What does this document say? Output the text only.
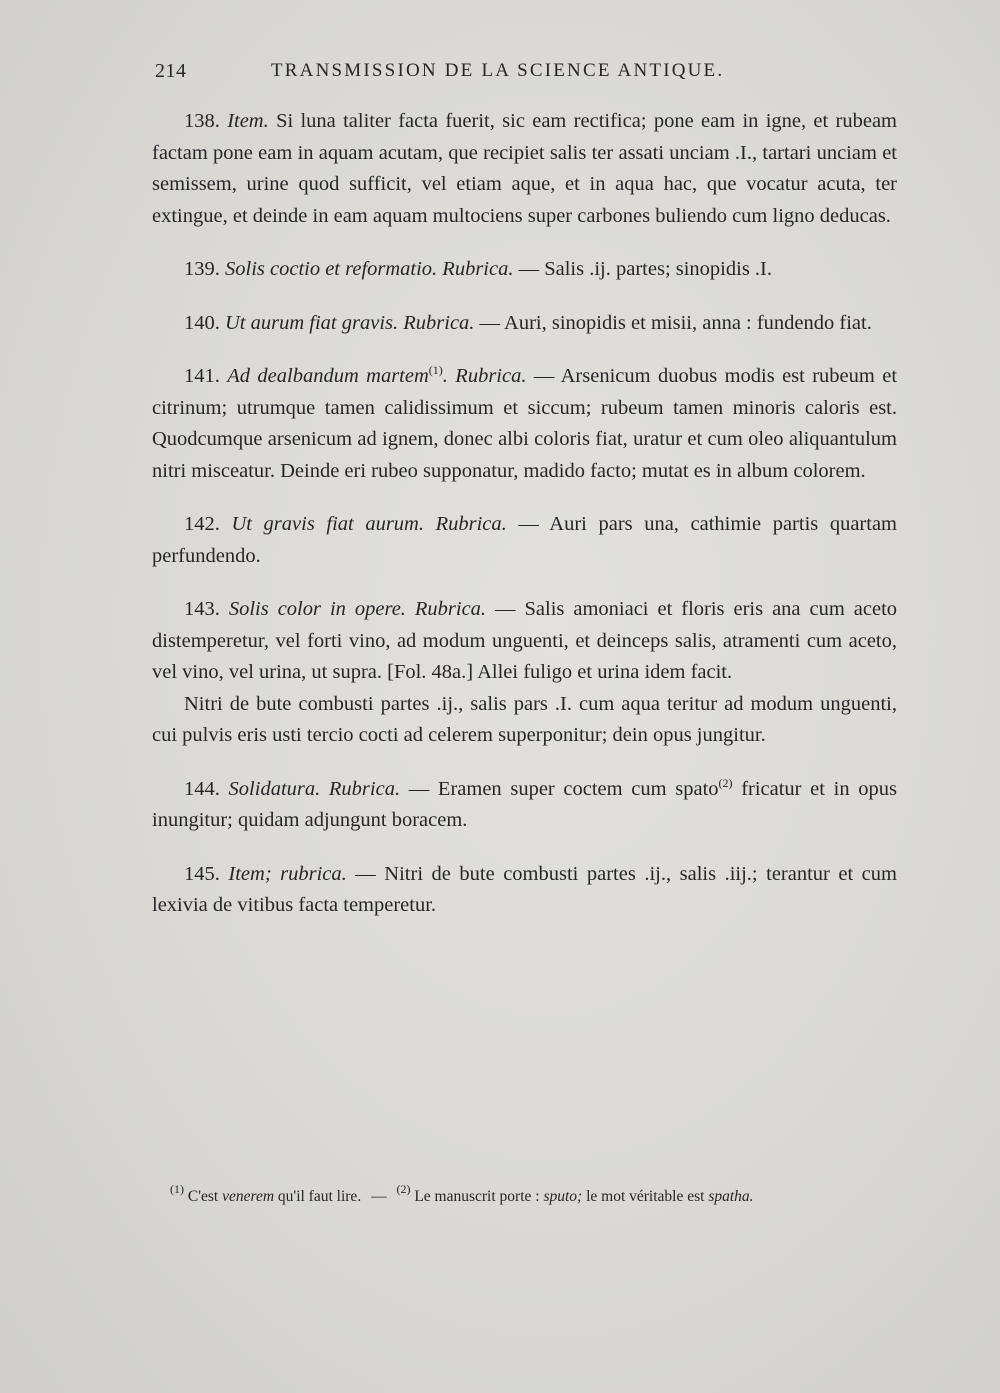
214	TRANSMISSION DE LA SCIENCE ANTIQUE.

138. Item. Si luna taliter facta fuerit, sic eam rectifica; pone eam in igne, et rubeam factam pone eam in aquam acutam, que recipiet salis ter assati unciam .I., tartari unciam et semissem, urine quod sufficit, vel etiam aque, et in aqua hac, que vocatur acuta, ter extingue, et deinde in eam aquam multociens super carbones buliendo cum ligno deducas.

139. Solis coctio et reformatio. Rubrica. — Salis .ij. partes; sinopidis .I.

140. Ut aurum fiat gravis. Rubrica. — Auri, sinopidis et misii, anna : fundendo fiat.

141. Ad dealbandum martem$^{(1)}$. Rubrica. — Arsenicum duobus modis est rubeum et citrinum; utrumque tamen calidissimum et siccum; rubeum tamen minoris caloris est. Quodcumque arsenicum ad ignem, donec albi coloris fiat, uratur et cum oleo aliquantulum nitri misceatur. Deinde eri rubeo supponatur, madido facto; mutat es in album colorem.

142. Ut gravis fiat aurum. Rubrica. — Auri pars una, cathimie partis quartam perfundendo.

143. Solis color in opere. Rubrica. — Salis amoniaci et floris eris ana cum aceto distemperetur, vel forti vino, ad modum unguenti, et deinceps salis, atramenti cum aceto, vel vino, vel urina, ut supra. [Fol. 48a.] Allei fuligo et urina idem facit.

Nitri de bute combusti partes .ij., salis pars .I. cum aqua teritur ad modum unguenti, cui pulvis eris usti tercio cocti ad celerem superponitur; dein opus jungitur.

144. Solidatura. Rubrica. — Eramen super coctem cum spato$^{(2)}$ fricatur et in opus inungitur; quidam adjungunt boracem.

145. Item; rubrica. — Nitri de bute combusti partes .ij., salis .iij.; terantur et cum lexivia de vitibus facta temperetur.

$^{(1)}$ C'est venerem qu'il faut lire. — $^{(2)}$ Le manuscrit porte : sputo; le mot véritable est spatha.
